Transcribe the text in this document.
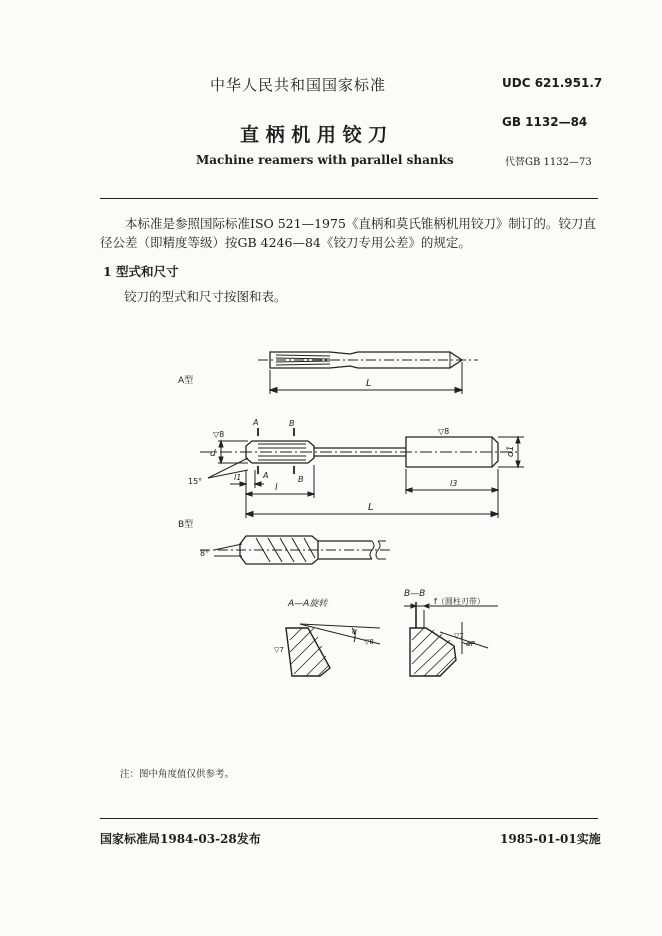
中华人民共和国国家标准	UDC 621.951.7
直 柄 机 用 铰 刀
GB 1132—84
Machine reamers with parallel shanks	代替GB 1132—73
本标准是参照国际标准ISO 521—1975《直柄和莫氏锥柄机用铰刀》制订的。铰刀直径公差（即精度等级）按GB 4246—84《铰刀专用公差》的规定。
1 型式和尺寸
铰刀的型式和尺寸按图和表。
A型	L
▽8	▽8
d	d1
A	B
A	B
15°	l1
l	l3
L
B型
8°
A—A旋转
▽8
▽7
α
B—B
f（圆柱刃带）
▽7
αP
注：图中角度值仅供参考。
国家标准局1984-03-28发布	1985-01-01实施
